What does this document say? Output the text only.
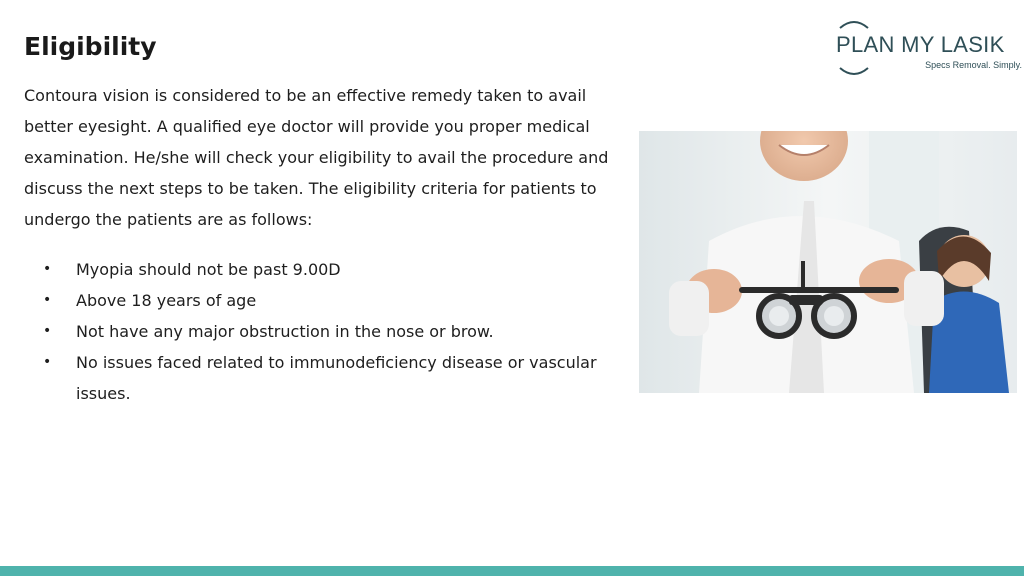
Eligibility

Contoura vision is considered to be an effective remedy taken to avail better eyesight. A qualified eye doctor will provide you proper medical examination. He/she will check your eligibility to avail the procedure and discuss the next steps to be taken. The eligibility criteria for patients to undergo the patients are as follows:

• Myopia should not be past 9.00D
• Above 18 years of age
• Not have any major obstruction in the nose or brow.
• No issues faced related to immunodeficiency disease or vascular issues.
PLAN MY LASIK
Specs Removal. Simply.
